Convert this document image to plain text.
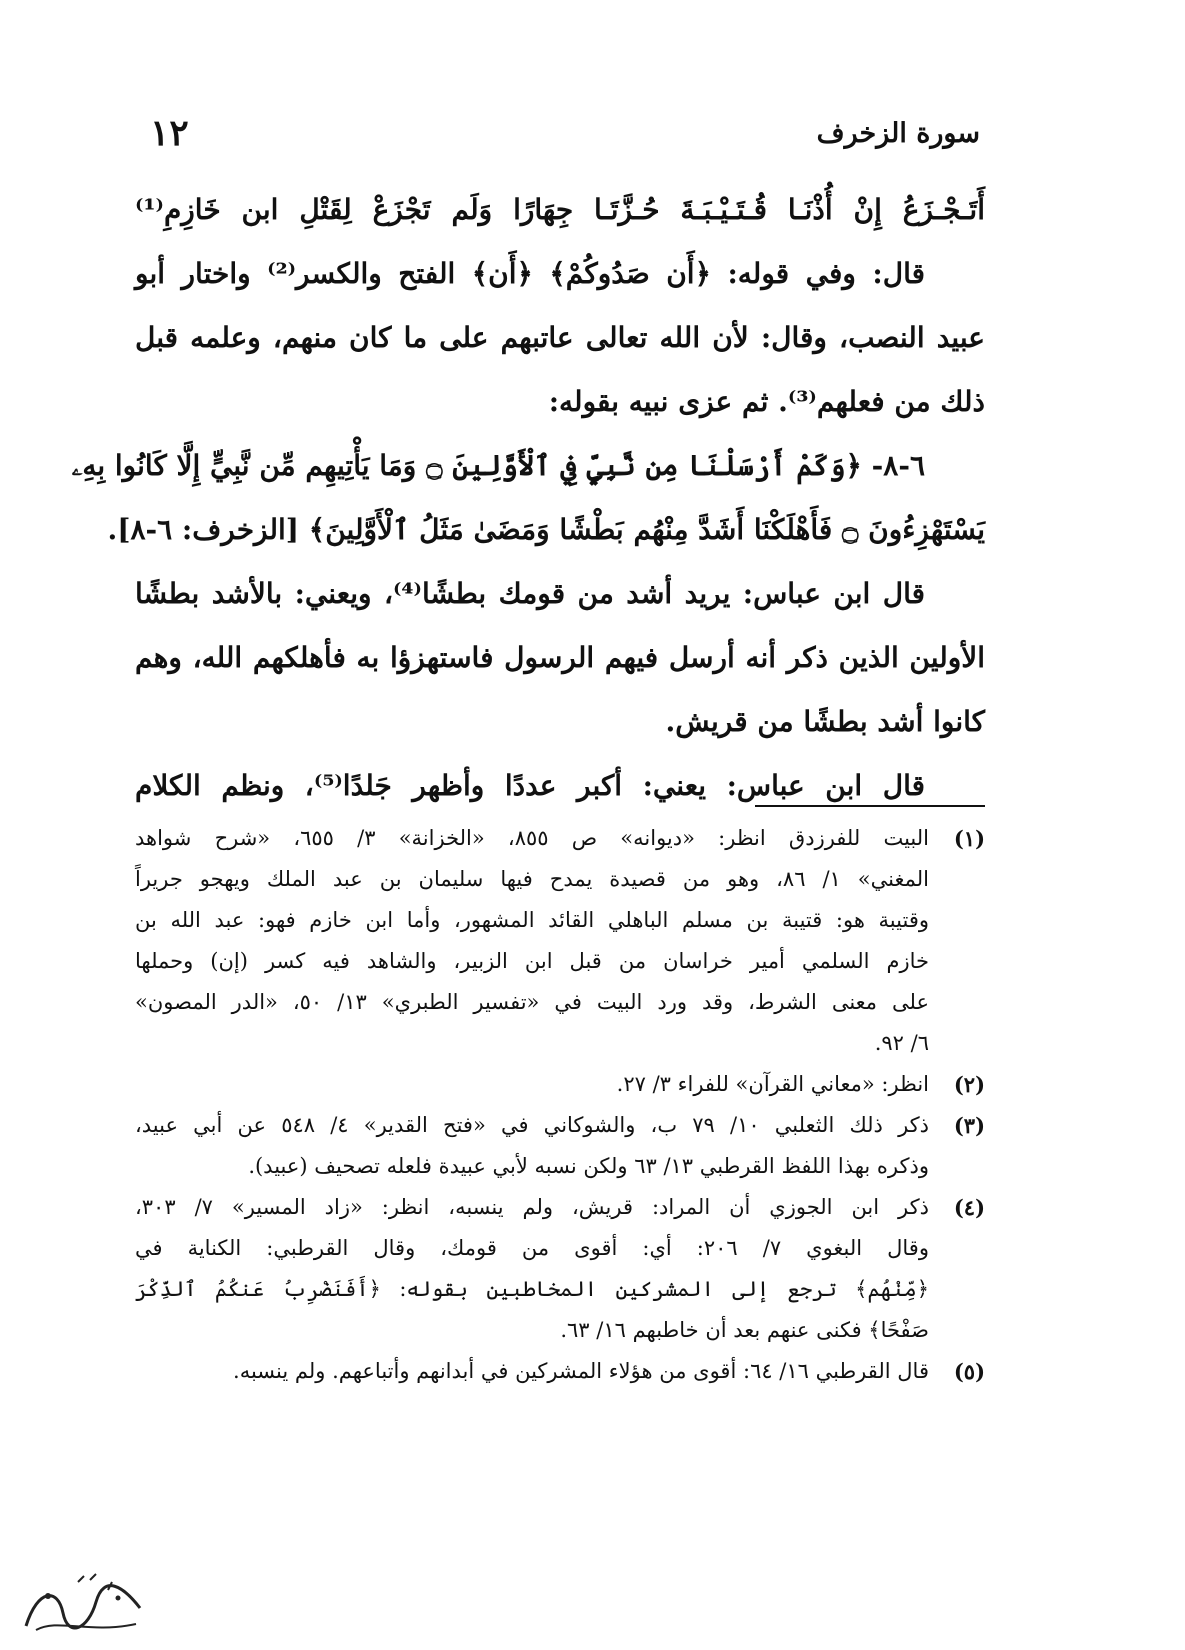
سورة الزخرف
١٢
أَتَـجْـزَعُ إِنْ أُذْنَـا قُـتَـيْـبَـةَ حُـزَّتَـا جِهَارًا وَلَم تَجْزَعْ لِقَتْلِ ابن خَازِمِ⁽¹⁾
قال: وفي قوله: ﴿أَن صَدُوكُمْ﴾ ﴿أَن﴾ الفتح والكسر⁽²⁾ واختار أبو
عبيد النصب، وقال: لأن الله تعالى عاتبهم على ما كان منهم، وعلمه قبل
ذلك من فعلهم⁽³⁾. ثم عزى نبيه بقوله:
٦-٨- ﴿وَكَمْ أَرْسَلْنَا مِن نَّبِيٍّ فِي ٱلْأَوَّلِينَ ۝ وَمَا يَأْتِيهِم مِّن نَّبِيٍّ إِلَّا كَانُوا بِهِۦ
يَسْتَهْزِءُونَ ۝ فَأَهْلَكْنَا أَشَدَّ مِنْهُم بَطْشًا وَمَضَىٰ مَثَلُ ٱلْأَوَّلِينَ﴾ [الزخرف: ٦-٨].
قال ابن عباس: يريد أشد من قومك بطشًا⁽⁴⁾، ويعني: بالأشد بطشًا
الأولين الذين ذكر أنه أرسل فيهم الرسول فاستهزؤا به فأهلكهم الله، وهم
كانوا أشد بطشًا من قريش.
قال ابن عباس: يعني: أكبر عددًا وأظهر جَلدًا⁽⁵⁾، ونظم الكلام
(١)
البيت للفرزدق انظر: «ديوانه» ص ٨٥٥، «الخزانة» ٣/ ٦٥٥، «شرح شواهد
المغني» ١/ ٨٦، وهو من قصيدة يمدح فيها سليمان بن عبد الملك ويهجو جريراً
وقتيبة هو: قتيبة بن مسلم الباهلي القائد المشهور، وأما ابن خازم فهو: عبد الله بن
خازم السلمي أمير خراسان من قبل ابن الزبير، والشاهد فيه كسر (إن) وحملها
على معنى الشرط، وقد ورد البيت في «تفسير الطبري» ١٣/ ٥٠، «الدر المصون»
٦/ ٩٢.
(٢)
انظر: «معاني القرآن» للفراء ٣/ ٢٧.
(٣)
ذكر ذلك الثعلبي ١٠/ ٧٩ ب، والشوكاني في «فتح القدير» ٤/ ٥٤٨ عن أبي عبيد،
وذكره بهذا اللفظ القرطبي ١٣/ ٦٣ ولكن نسبه لأبي عبيدة فلعله تصحيف (عبيد).
(٤)
ذكر ابن الجوزي أن المراد: قريش، ولم ينسبه، انظر: «زاد المسير» ٧/ ٣٠٣،
وقال البغوي ٧/ ٢٠٦: أي: أقوى من قومك، وقال القرطبي: الكناية في
﴿مِّنْهُم﴾ ترجع إلى المشركين المخاطبين بقوله: ﴿أَفَنَضْرِبُ عَنكُمُ ٱلذِّكْرَ
صَفْحًا﴾ فكنى عنهم بعد أن خاطبهم ١٦/ ٦٣.
(٥)
قال القرطبي ١٦/ ٦٤: أقوى من هؤلاء المشركين في أبدانهم وأتباعهم. ولم ينسبه.
